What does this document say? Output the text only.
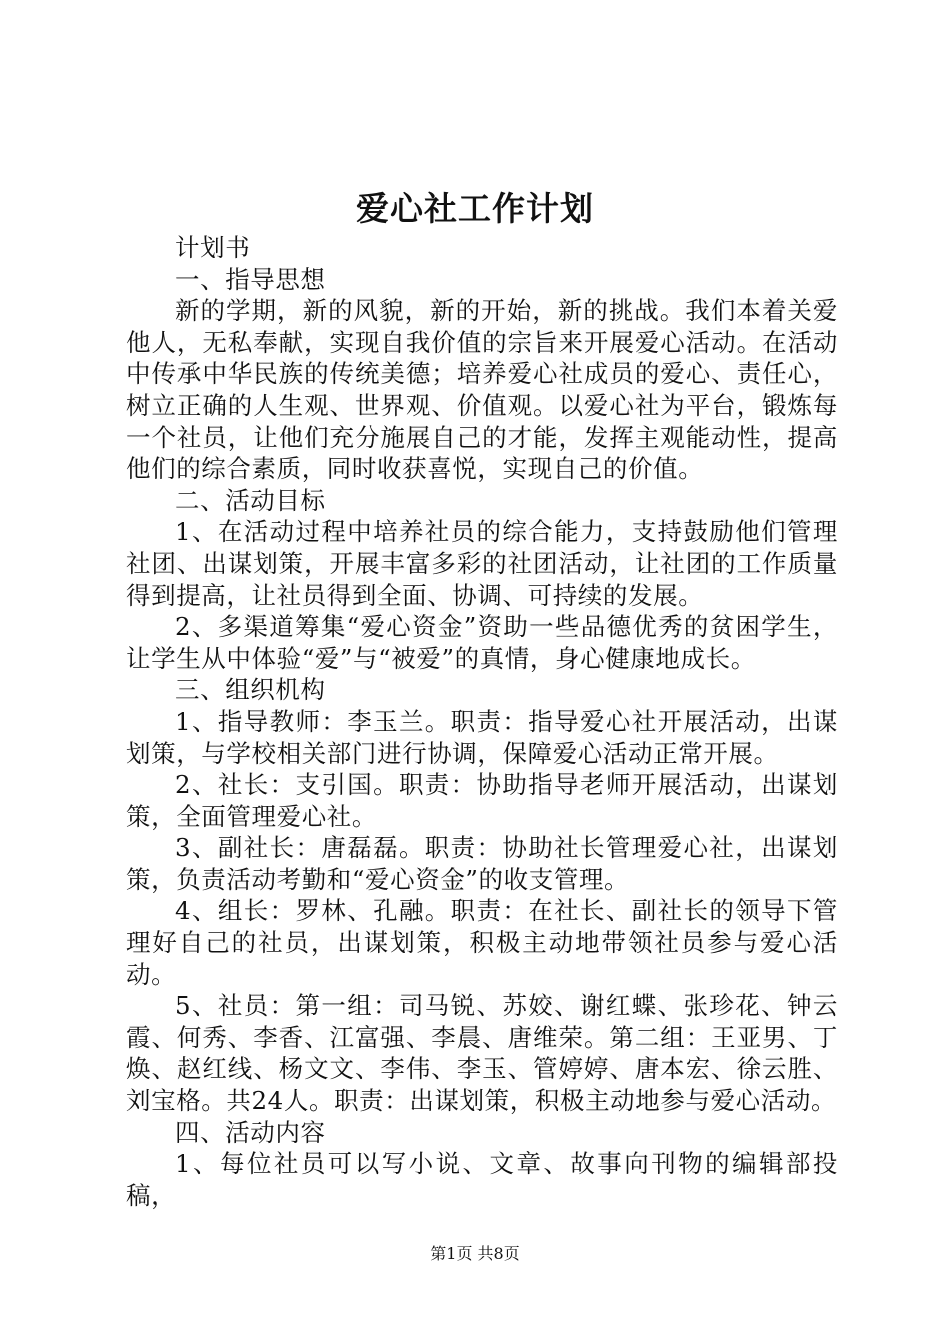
爱心社工作计划

计划书

一、指导思想

新的学期，新的风貌，新的开始，新的挑战。我们本着关爱他人，无私奉献，实现自我价值的宗旨来开展爱心活动。在活动中传承中华民族的传统美德；培养爱心社成员的爱心、责任心，树立正确的人生观、世界观、价值观。以爱心社为平台，锻炼每一个社员，让他们充分施展自己的才能，发挥主观能动性，提高他们的综合素质，同时收获喜悦，实现自己的价值。

二、活动目标

1、在活动过程中培养社员的综合能力，支持鼓励他们管理社团、出谋划策，开展丰富多彩的社团活动，让社团的工作质量得到提高，让社员得到全面、协调、可持续的发展。

2、多渠道筹集“爱心资金”资助一些品德优秀的贫困学生，让学生从中体验“爱”与“被爱”的真情，身心健康地成长。

三、组织机构

1、指导教师：李玉兰。职责：指导爱心社开展活动，出谋划策，与学校相关部门进行协调，保障爱心活动正常开展。

2、社长：支引国。职责：协助指导老师开展活动，出谋划策，全面管理爱心社。

3、副社长：唐磊磊。职责：协助社长管理爱心社，出谋划策，负责活动考勤和“爱心资金”的收支管理。

4、组长：罗林、孔融。职责：在社长、副社长的领导下管理好自己的社员，出谋划策，积极主动地带领社员参与爱心活动。

5、社员：第一组：司马锐、苏姣、谢红蝶、张珍花、钟云霞、何秀、李香、江富强、李晨、唐维荣。第二组：王亚男、丁焕、赵红线、杨文文、李伟、李玉、管婷婷、唐本宏、徐云胜、刘宝格。共24人。职责：出谋划策，积极主动地参与爱心活动。

四、活动内容

1、每位社员可以写小说、文章、故事向刊物的编辑部投稿，

第1页 共8页
